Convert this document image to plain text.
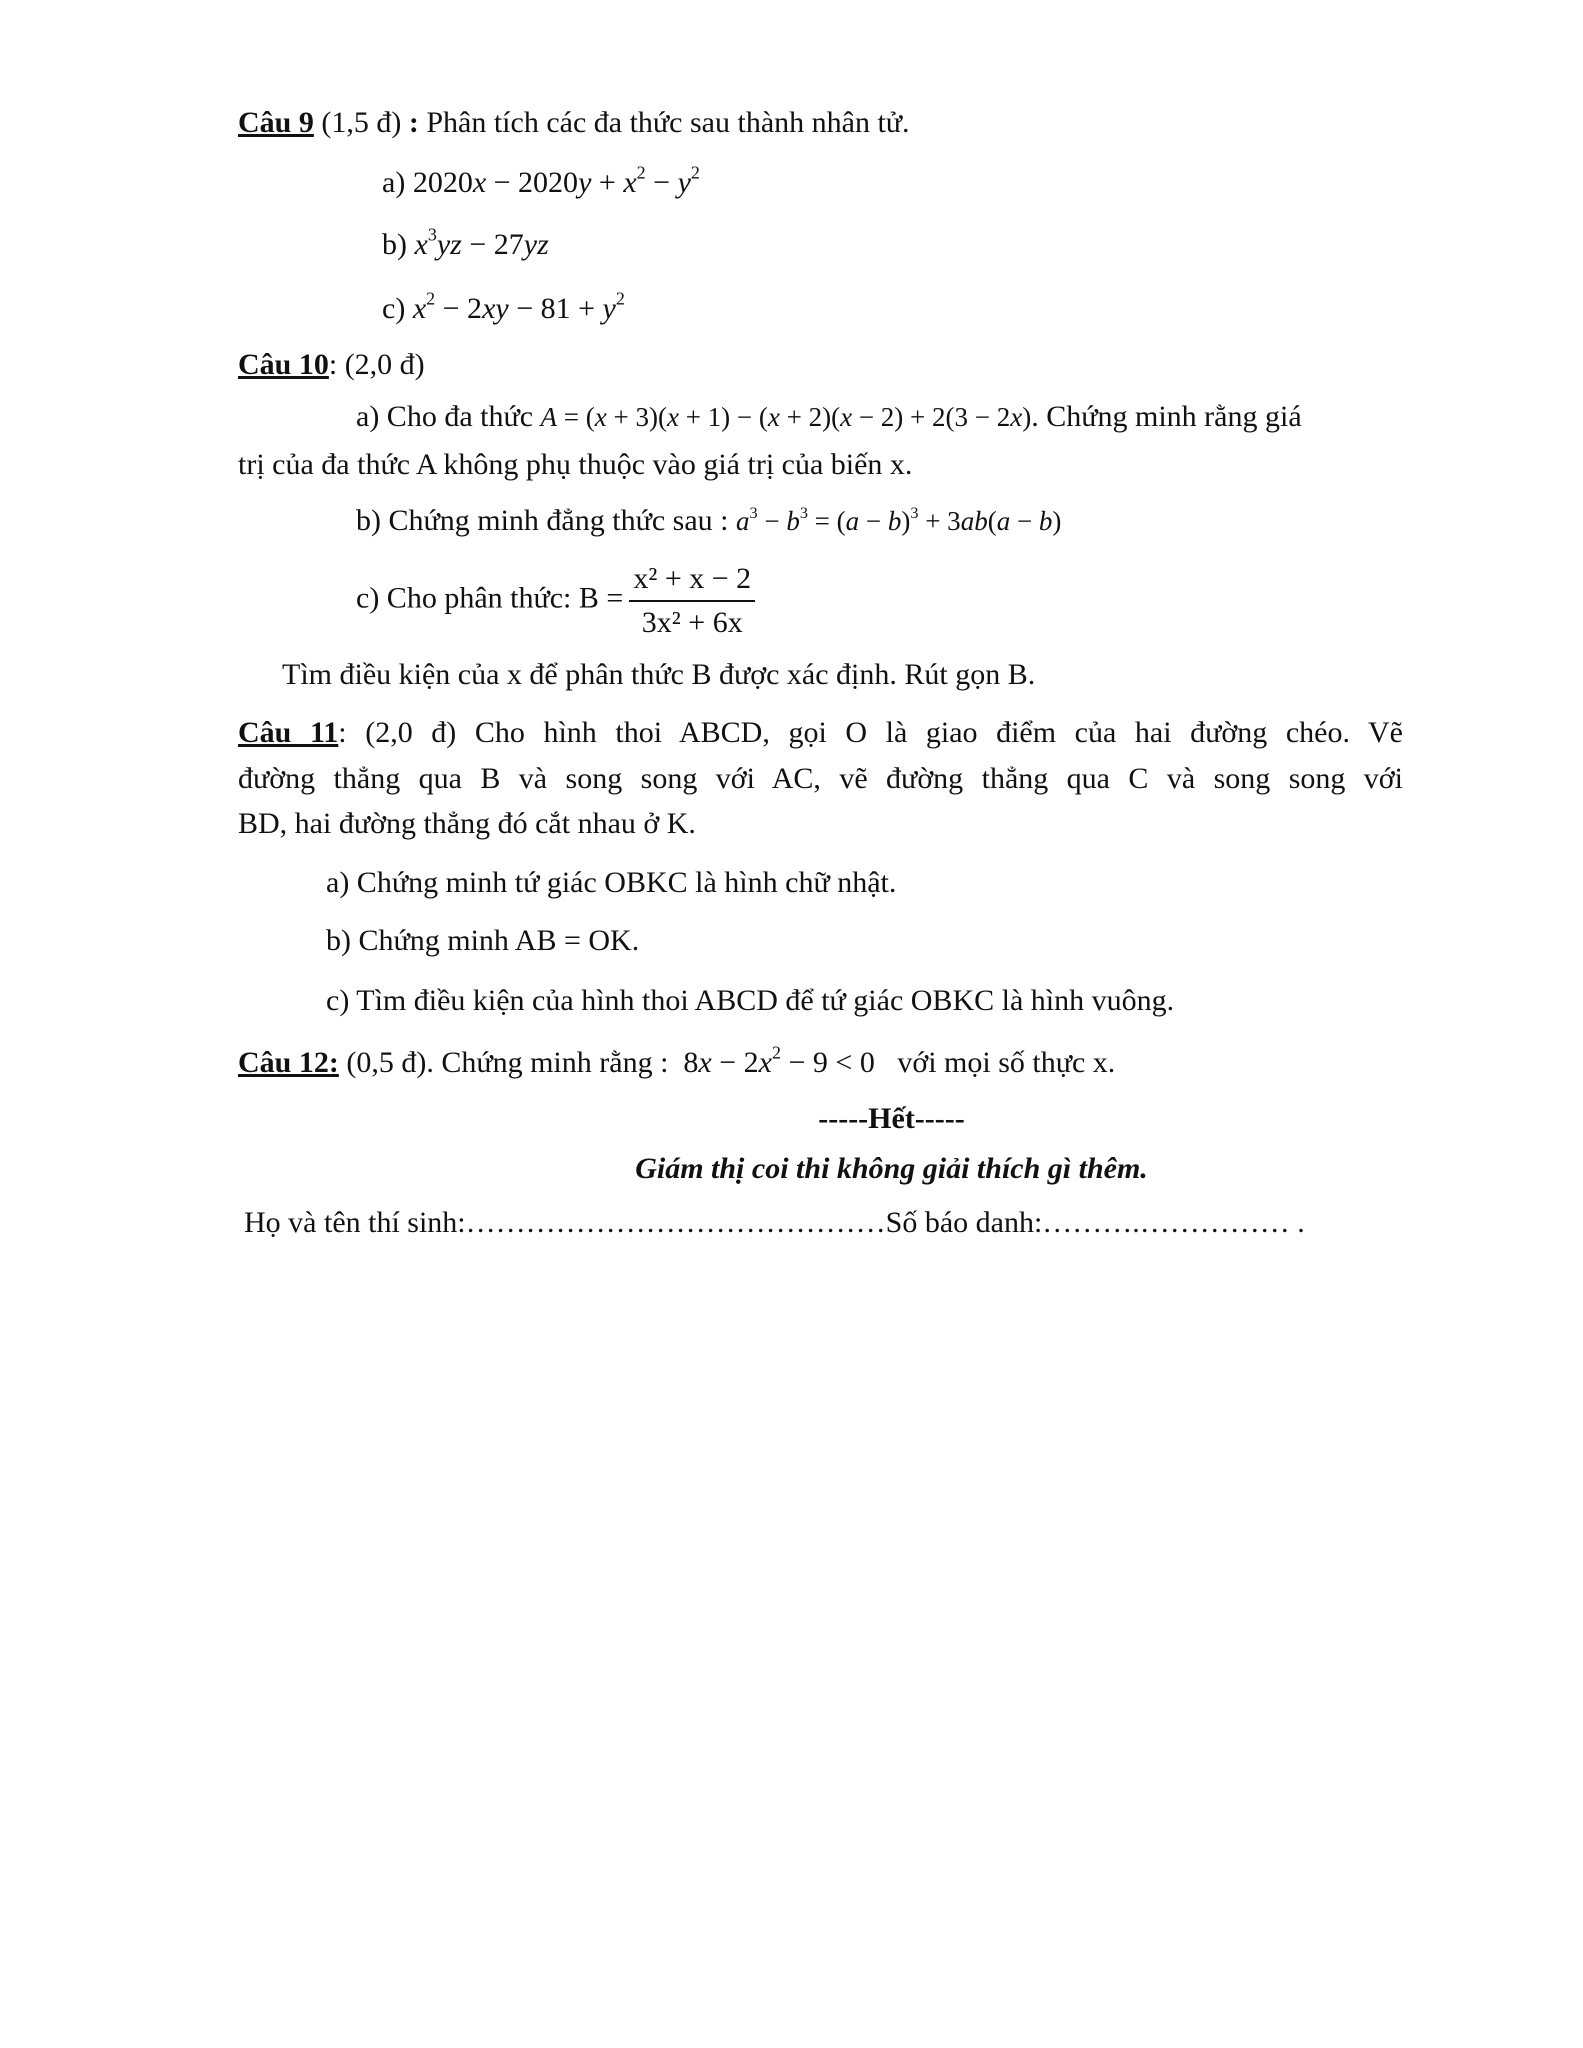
Câu 9 (1,5 đ) : Phân tích các đa thức sau thành nhân tử.
a) $2020x - 2020y + x^2 - y^2$
b) $x^3yz - 27yz$
c) $x^2 - 2xy - 81 + y^2$
Câu 10: (2,0 đ)
a) Cho đa thức A = (x + 3)(x + 1) − (x + 2)(x − 2) + 2(3 − 2x). Chứng minh rằng giá
trị của đa thức A không phụ thuộc vào giá trị của biến x.
b) Chứng minh đẳng thức sau : $a^3 - b^3 = (a - b)^3 + 3ab(a - b)$
c) Cho phân thức: $B = \frac{\text{x² + x − 2}}{\text{3x² + 6x}}$
Tìm điều kiện của x để phân thức B được xác định. Rút gọn B.
Câu 11: (2,0 đ) Cho hình thoi ABCD, gọi O là giao điểm của hai đường chéo. Vẽ
đường thẳng qua B và song song với AC, vẽ đường thẳng qua C và song song với
BD, hai đường thẳng đó cắt nhau ở K.
a) Chứng minh tứ giác OBKC là hình chữ nhật.
b) Chứng minh AB = OK.
c) Tìm điều kiện của hình thoi ABCD để tứ giác OBKC là hình vuông.
Câu 12: (0,5 đ). Chứng minh rằng :  $8x - 2x^2 - 9 < 0$   với mọi số thực x.
-----Hết-----
Giám thị coi thi không giải thích gì thêm.
Họ và tên thí sinh:……………………………………Số báo danh:……….…………… .
